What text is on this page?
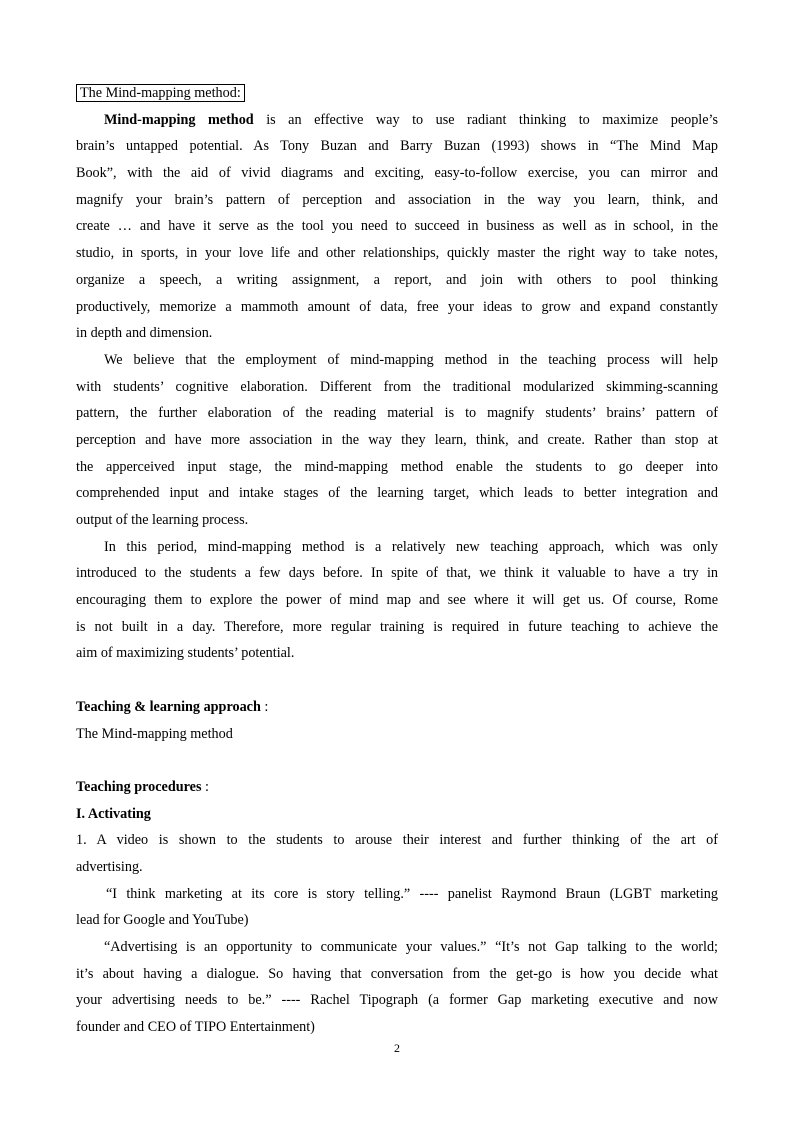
The Mind-mapping method:
Mind-mapping method is an effective way to use radiant thinking to maximize people’s
brain’s untapped potential. As Tony Buzan and Barry Buzan (1993) shows in “The Mind Map
Book”, with the aid of vivid diagrams and exciting, easy-to-follow exercise, you can mirror and
magnify your brain’s pattern of perception and association in the way you learn, think, and
create … and have it serve as the tool you need to succeed in business as well as in school, in the
studio, in sports, in your love life and other relationships, quickly master the right way to take notes,
organize a speech, a writing assignment, a report, and join with others to pool thinking
productively, memorize a mammoth amount of data, free your ideas to grow and expand constantly
in depth and dimension.
We believe that the employment of mind-mapping method in the teaching process will help
with students’ cognitive elaboration. Different from the traditional modularized skimming-scanning
pattern, the further elaboration of the reading material is to magnify students’ brains’ pattern of
perception and have more association in the way they learn, think, and create. Rather than stop at
the apperceived input stage, the mind-mapping method enable the students to go deeper into
comprehended input and intake stages of the learning target, which leads to better integration and
output of the learning process.
In this period, mind-mapping method is a relatively new teaching approach, which was only
introduced to the students a few days before. In spite of that, we think it valuable to have a try in
encouraging them to explore the power of mind map and see where it will get us. Of course, Rome
is not built in a day. Therefore, more regular training is required in future teaching to achieve the
aim of maximizing students’ potential.
Teaching & learning approach :
The Mind-mapping method
Teaching procedures :
I. Activating
1. A video is shown to the students to arouse their interest and further thinking of the art of
advertising.
“I think marketing at its core is story telling.” ---- panelist Raymond Braun (LGBT marketing
lead for Google and YouTube)
“Advertising is an opportunity to communicate your values.” “It’s not Gap talking to the world;
it’s about having a dialogue. So having that conversation from the get-go is how you decide what
your advertising needs to be.” ---- Rachel Tipograph (a former Gap marketing executive and now
founder and CEO of TIPO Entertainment)
2
